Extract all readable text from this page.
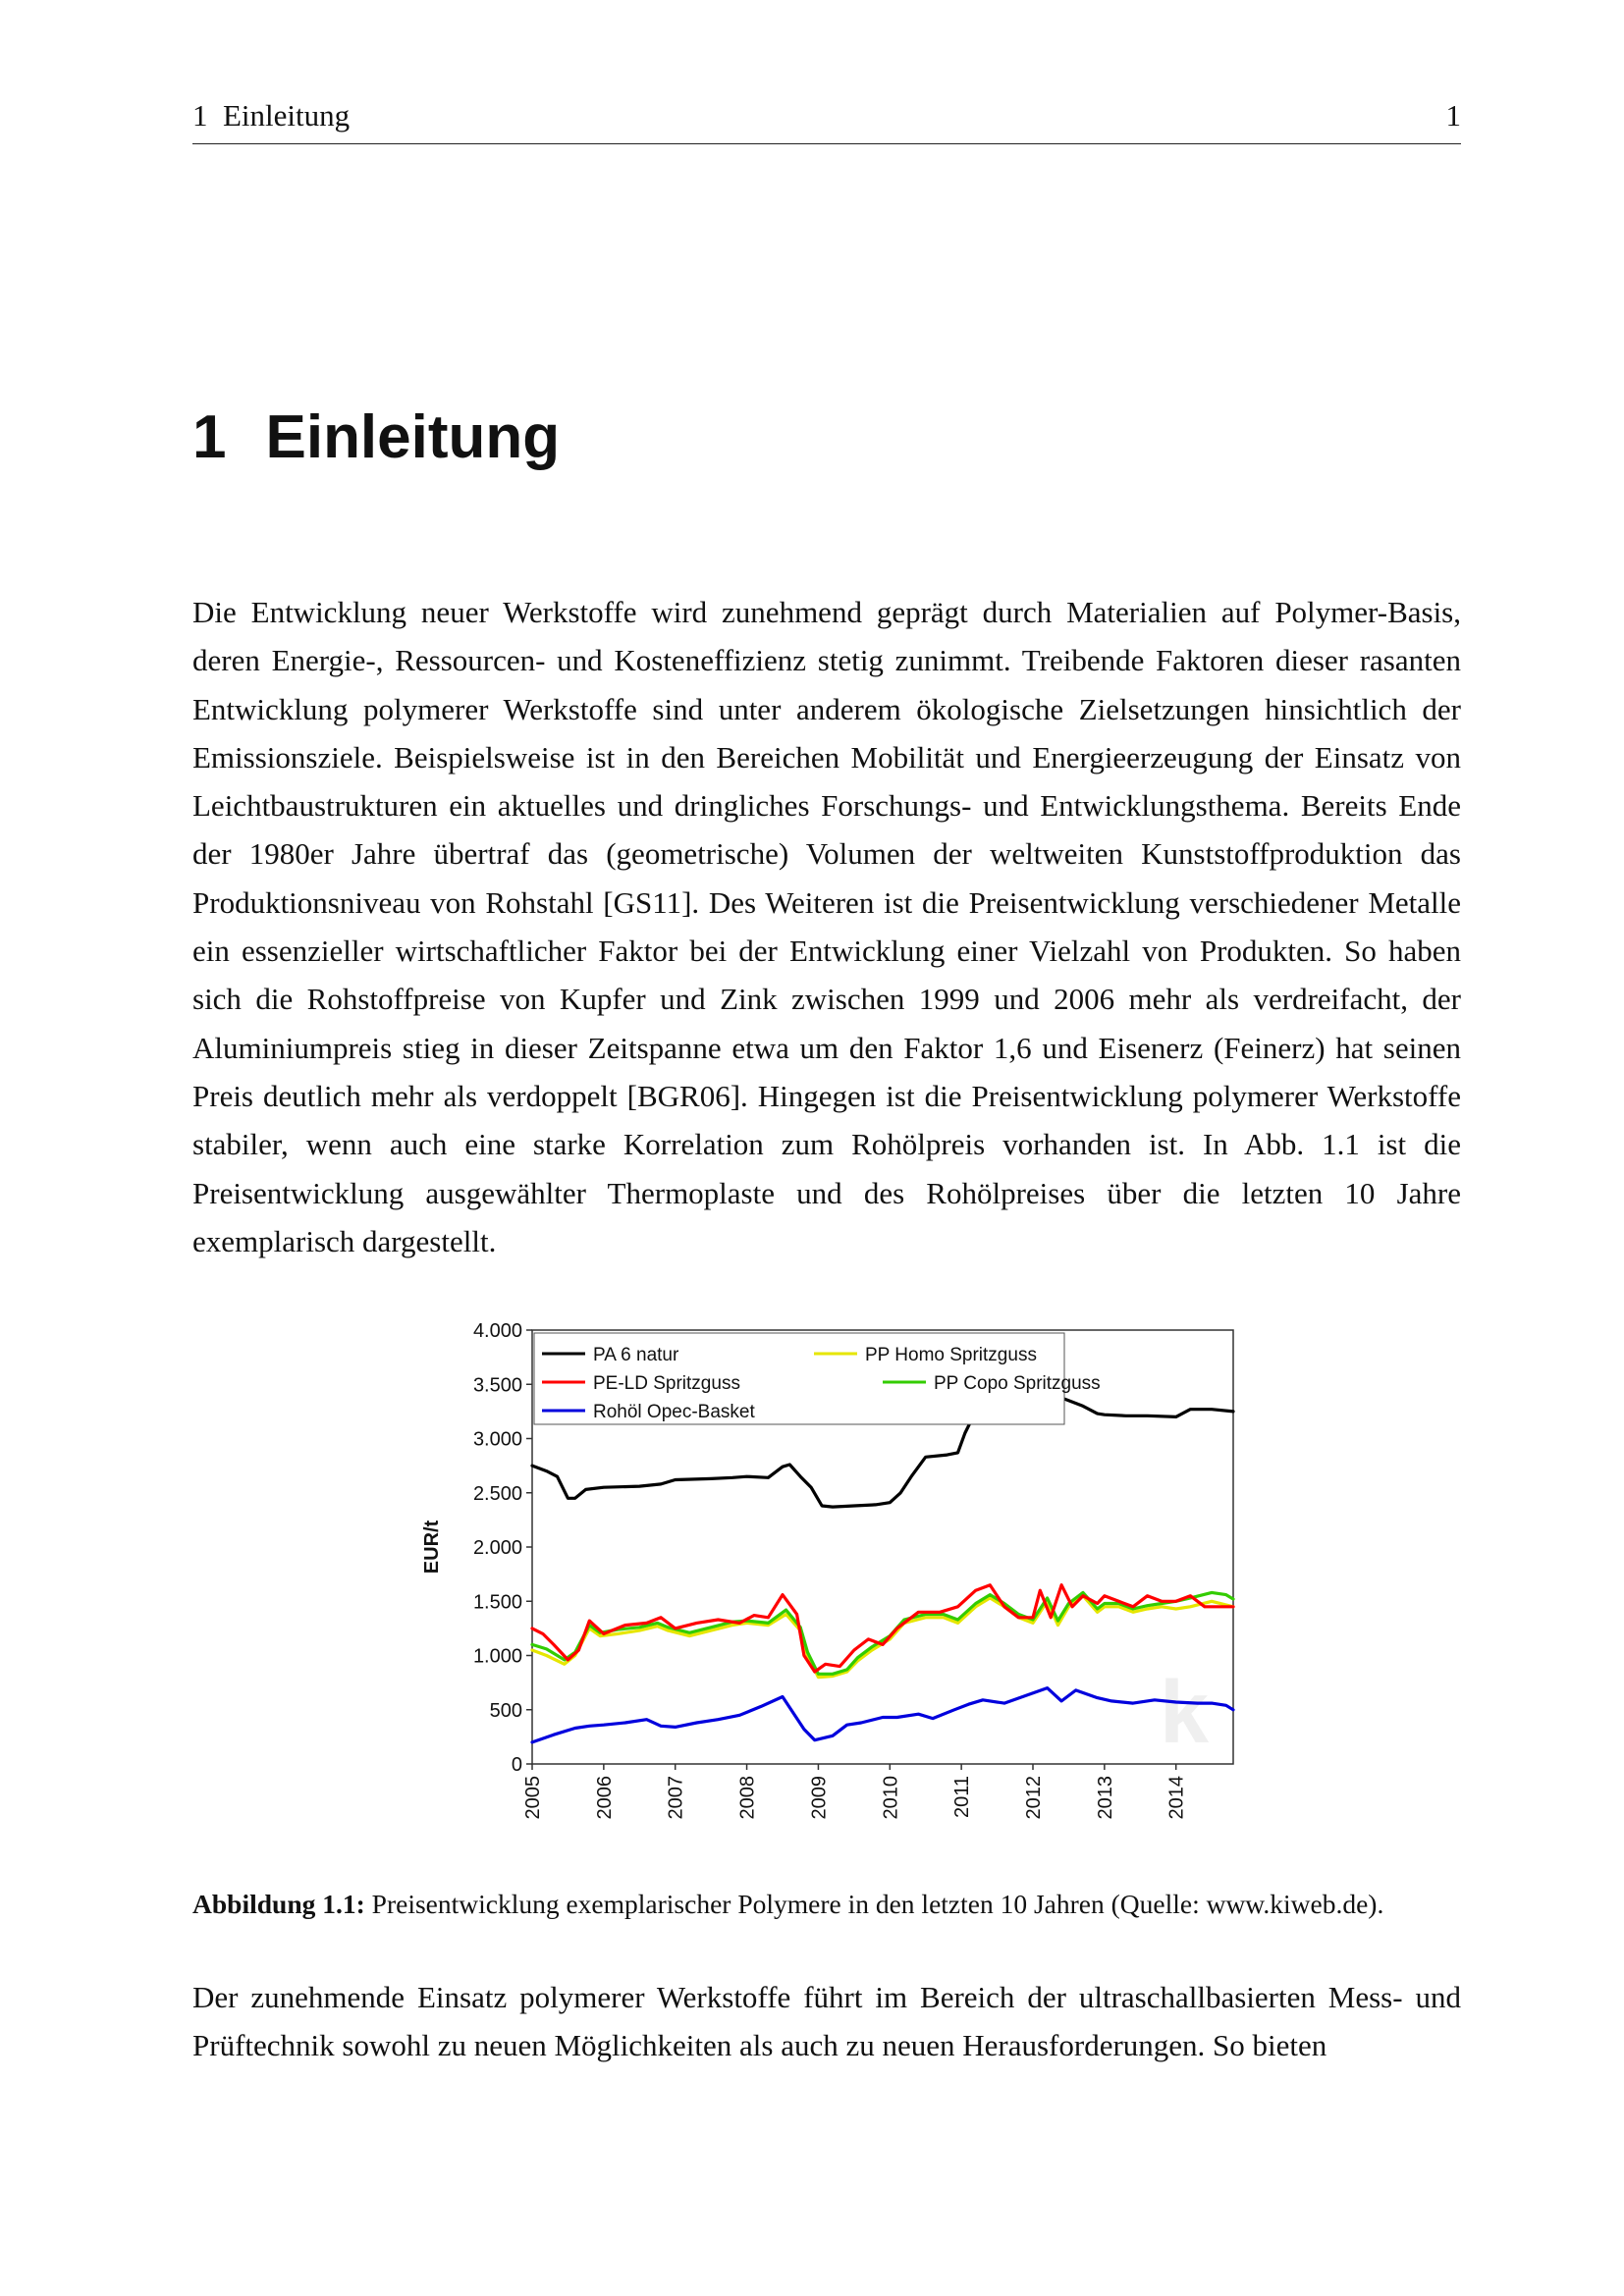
1  Einleitung	1
1 Einleitung

Die Entwicklung neuer Werkstoffe wird zunehmend geprägt durch Materialien auf Polymer-Basis, deren Energie-, Ressourcen- und Kosteneffizienz stetig zunimmt. Treibende Faktoren dieser rasanten Entwicklung polymerer Werkstoffe sind unter anderem ökologische Zielsetzungen hinsichtlich der Emissionsziele. Beispielsweise ist in den Bereichen Mobilität und Energieerzeugung der Einsatz von Leichtbaustrukturen ein aktuelles und dringliches Forschungs- und Entwicklungsthema. Bereits Ende der 1980er Jahre übertraf das (geometrische) Volumen der weltweiten Kunststoffproduktion das Produktionsniveau von Rohstahl [GS11]. Des Weiteren ist die Preisentwicklung verschiedener Metalle ein essenzieller wirtschaftlicher Faktor bei der Entwicklung einer Vielzahl von Produkten. So haben sich die Rohstoffpreise von Kupfer und Zink zwischen 1999 und 2006 mehr als verdreifacht, der Aluminiumpreis stieg in dieser Zeitspanne etwa um den Faktor 1,6 und Eisenerz (Feinerz) hat seinen Preis deutlich mehr als verdoppelt [BGR06]. Hingegen ist die Preisentwicklung polymerer Werkstoffe stabiler, wenn auch eine starke Korrelation zum Rohölpreis vorhanden ist. In Abb. 1.1 ist die Preisentwicklung ausgewählter Thermoplaste und des Rohölpreises über die letzten 10 Jahre exemplarisch dargestellt.

k
0
500
1.000
1.500
2.000
2.500
3.000
3.500
4.000
2005	2006	2007	2008	2009	2010	2011	2012	2013	2014
EUR/t
PA 6 natur	PP Homo Spritzguss
PE-LD Spritzguss	PP Copo Spritzguss
Rohöl Opec-Basket

Abbildung 1.1: Preisentwicklung exemplarischer Polymere in den letzten 10 Jahren (Quelle: www.kiweb.de).

Der zunehmende Einsatz polymerer Werkstoffe führt im Bereich der ultraschallbasierten Mess- und Prüftechnik sowohl zu neuen Möglichkeiten als auch zu neuen Herausforderungen. So bieten
